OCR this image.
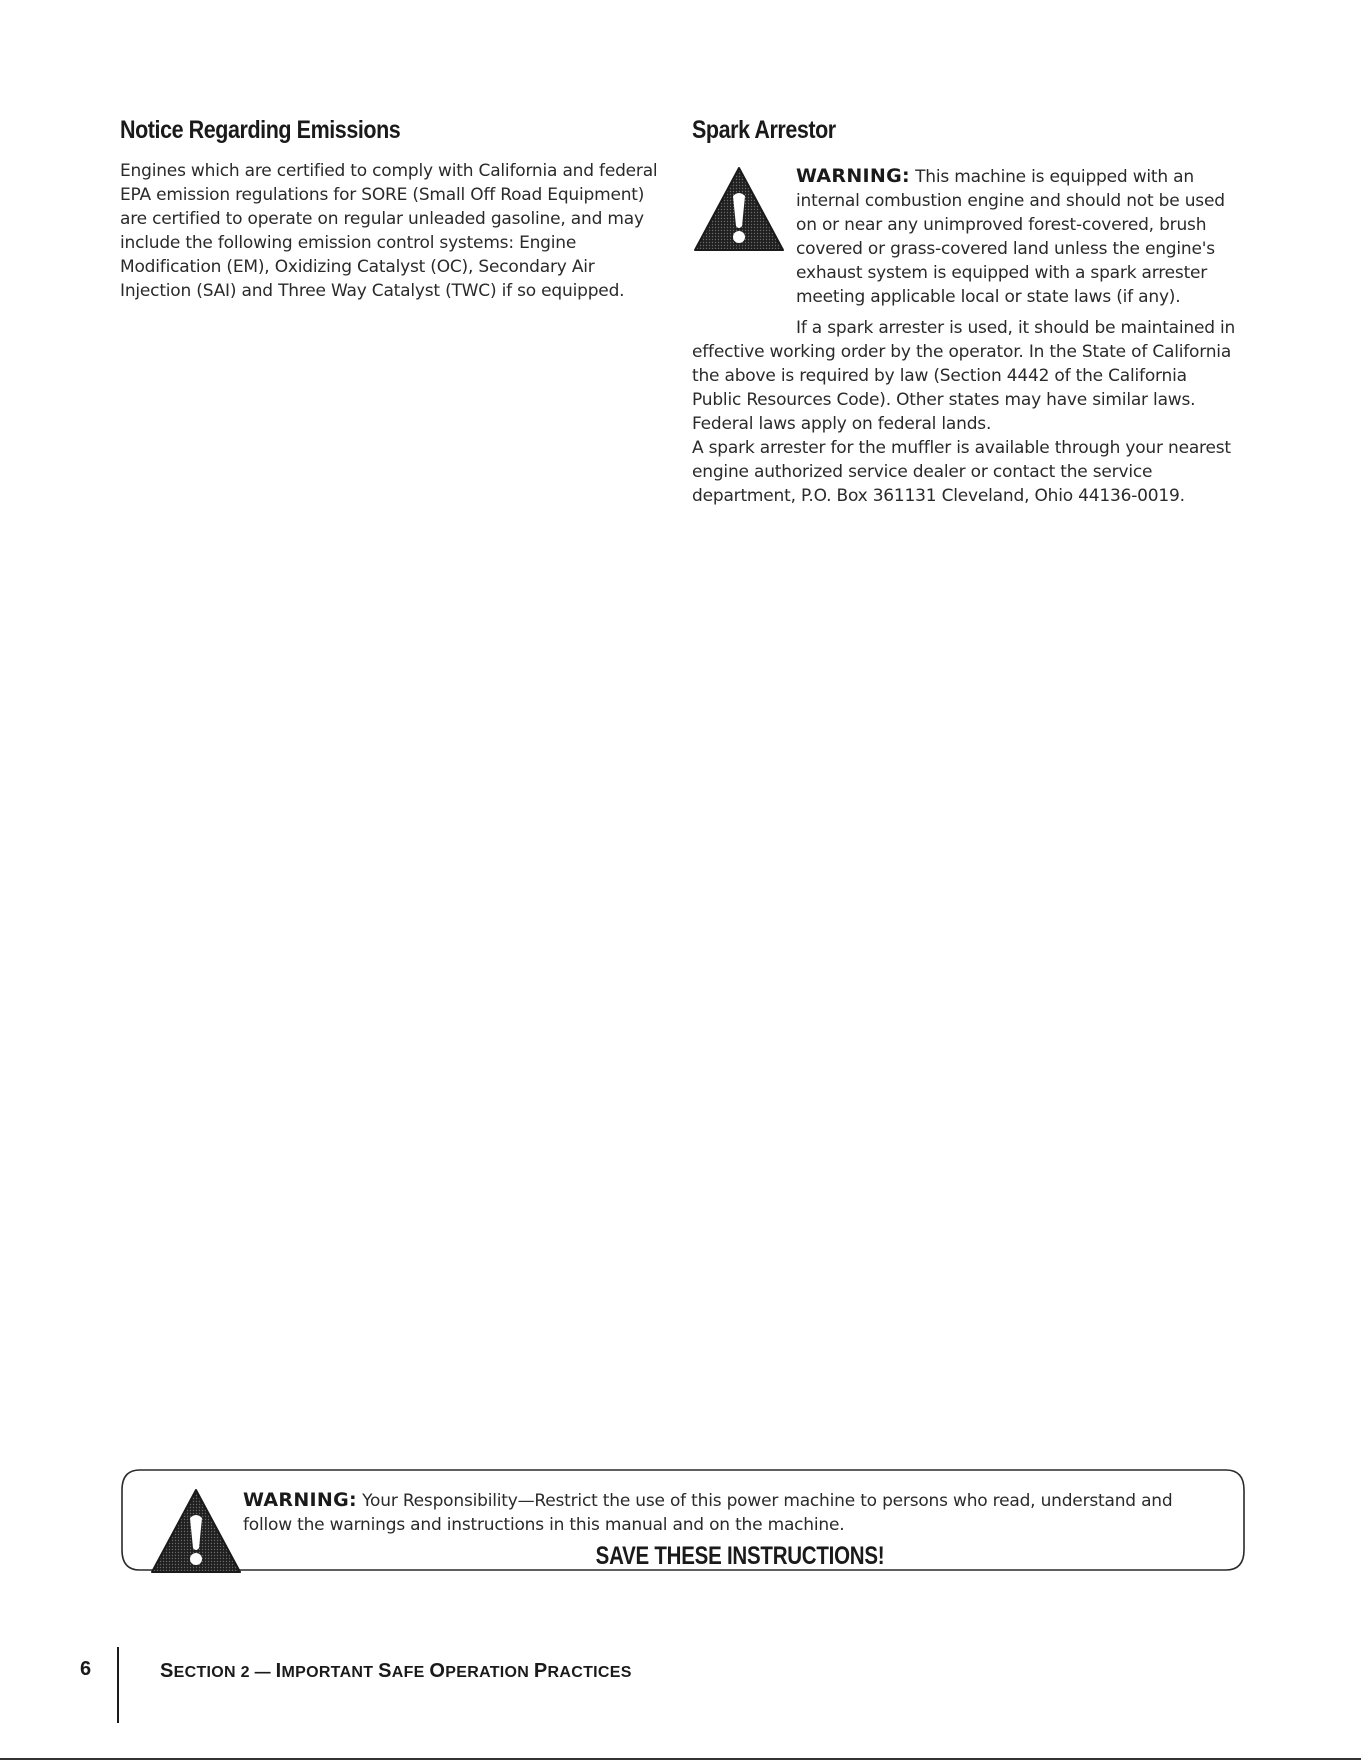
Notice Regarding Emissions

Engines which are certified to comply with California and federal EPA emission regulations for SORE (Small Off Road Equipment) are certified to operate on regular unleaded gasoline, and may include the following emission control systems: Engine Modification (EM), Oxidizing Catalyst (OC), Secondary Air Injection (SAI) and Three Way Catalyst (TWC) if so equipped.

Spark Arrestor

WARNING: This machine is equipped with an internal combustion engine and should not be used on or near any unimproved forest-covered, brush covered or grass-covered land unless the engine's exhaust system is equipped with a spark arrester meeting applicable local or state laws (if any).

If a spark arrester is used, it should be maintained in effective working order by the operator. In the State of California the above is required by law (Section 4442 of the California Public Resources Code). Other states may have similar laws. Federal laws apply on federal lands.

A spark arrester for the muffler is available through your nearest engine authorized service dealer or contact the service department, P.O. Box 361131 Cleveland, Ohio 44136-0019.

WARNING: Your Responsibility—Restrict the use of this power machine to persons who read, understand and follow the warnings and instructions in this manual and on the machine.

SAVE THESE INSTRUCTIONS!
6	SECTION 2 — IMPORTANT SAFE OPERATION PRACTICES
